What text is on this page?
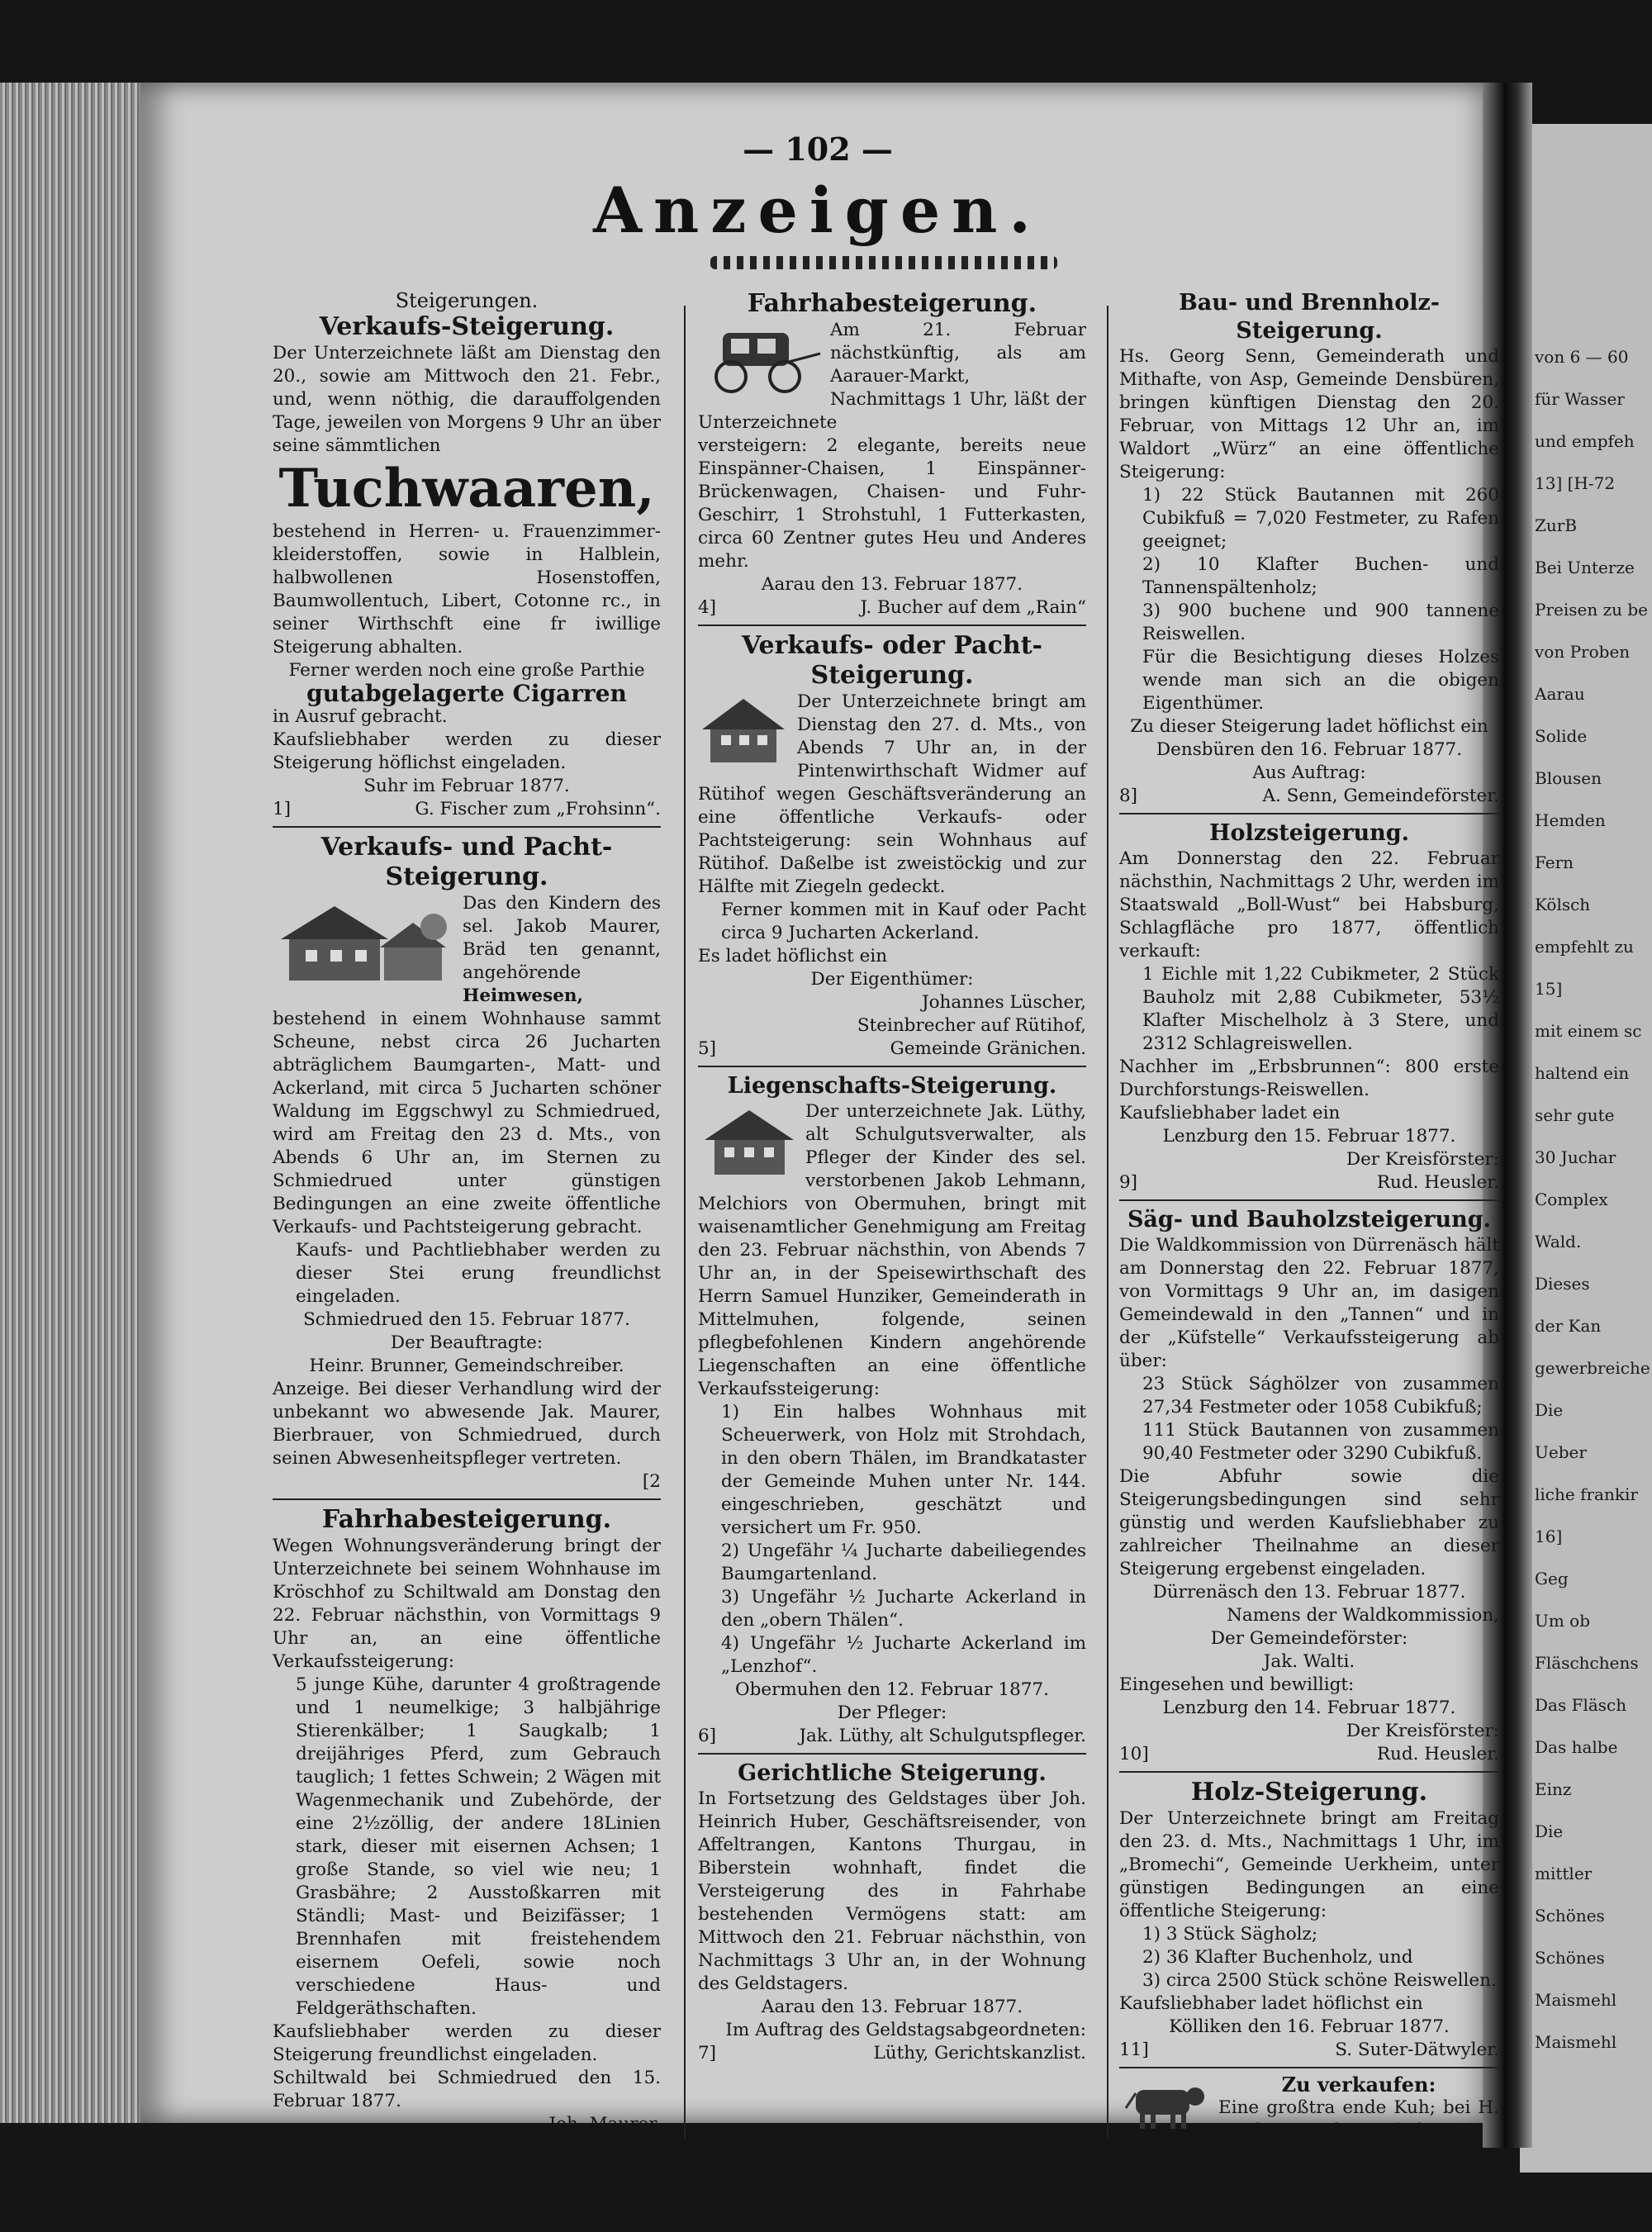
von 6 — 60
für Wasser
und empfeh
13] [H-72
ZurB
Bei Unterze
Preisen zu be
von Proben
Aarau
Solide
Blousen
Hemden
Fern
Kölsch
empfehlt zu
15]
mit einem sc
haltend ein
sehr gute
30 Juchar
Complex
Wald.
Dieses
der Kan
gewerbreiche
Die
Ueber
liche frankir
16]
Geg
Um ob
Fläschchens
Das Fläsch
Das halbe
Einz
Die
mittler
Schönes
Schönes
Maismehl
Maismehl
— 102 —
Anzeigen.
Steigerungen.
Verkaufs-Steigerung.

Der Unterzeichnete läßt am Dienstag den 20., sowie am Mittwoch den 21. Febr., und, wenn nöthig, die darauffolgenden Tage, jeweilen von Morgens 9 Uhr an über seine sämmtlichen

Tuchwaaren,

bestehend in Herren- u. Frauenzimmer-kleiderstoffen, sowie in Halblein, halbwollenen Hosenstoffen, Baumwollentuch, Libert, Cotonne rc., in seiner Wirthschft eine fr iwillige Steigerung abhalten.

Ferner werden noch eine große Parthie

gutabgelagerte Cigarren

in Ausruf gebracht.

Kaufsliebhaber werden zu dieser Steigerung höflichst eingeladen.

Suhr im Februar 1877.

1]	G. Fischer zum „Frohsinn“.
Verkaufs- und Pacht-Steigerung.

Das den Kindern des sel. Jakob Maurer, Bräd ten genannt, angehörende

Heimwesen,

bestehend in einem Wohnhause sammt Scheune, nebst circa 26 Jucharten abträglichem Baumgarten-, Matt- und Ackerland, mit circa 5 Jucharten schöner Waldung im Eggschwyl zu Schmiedrued, wird am Freitag den 23 d. Mts., von Abends 6 Uhr an, im Sternen zu Schmiedrued unter günstigen Bedingungen an eine zweite öffentliche Verkaufs- und Pachtsteigerung gebracht.

Kaufs- und Pachtliebhaber werden zu dieser Stei erung freundlichst eingeladen.

Schmiedrued den 15. Februar 1877.

Der Beauftragte:

Heinr. Brunner, Gemeindschreiber.

Anzeige. Bei dieser Verhandlung wird der unbekannt wo abwesende Jak. Maurer, Bierbrauer, von Schmiedrued, durch seinen Abwesenheitspfleger vertreten.

[2

Fahrhabesteigerung.

Wegen Wohnungsveränderung bringt der Unterzeichnete bei seinem Wohnhause im Kröschhof zu Schiltwald am Donstag den 22. Februar nächsthin, von Vormittags 9 Uhr an, an eine öffentliche Verkaufssteigerung:

5 junge Kühe, darunter 4 großtragende und 1 neumelkige; 3 halbjährige Stierenkälber; 1 Saugkalb; 1 dreijähriges Pferd, zum Gebrauch tauglich; 1 fettes Schwein; 2 Wägen mit Wagenmechanik und Zubehörde, der eine 2½zöllig, der andere 18Linien stark, dieser mit eisernen Achsen; 1 große Stande, so viel wie neu; 1 Grasbähre; 2 Ausstoßkarren mit Ständli; Mast- und Beizifässer; 1 Brennhafen mit freistehendem eisernem Oefeli, sowie noch verschiedene Haus- und Feldgeräthschaften.

Kaufsliebhaber werden zu dieser Steigerung freundlichst eingeladen.

Schiltwald bei Schmiedrued den 15. Februar 1877.

Joh. Maurer.

3]

Fahrhabesteigerung.

Am 21. Februar nächstkünftig, als am Aarauer-Markt, Nachmittags 1 Uhr, läßt der Unterzeichnete

versteigern: 2 elegante, bereits neue Einspänner-Chaisen, 1 Einspänner-Brückenwagen, Chaisen- und Fuhr-Geschirr, 1 Strohstuhl, 1 Futterkasten, circa 60 Zentner gutes Heu und Anderes mehr.

Aarau den 13. Februar 1877.

4]	J. Bucher auf dem „Rain“
Verkaufs- oder Pacht-Steigerung.

Der Unterzeichnete bringt am Dienstag den 27. d. Mts., von Abends 7 Uhr an, in der Pintenwirthschaft Widmer auf Rütihof wegen Geschäftsveränderung an eine öffentliche Verkaufs- oder Pachtsteigerung: sein Wohnhaus auf Rütihof. Daßelbe ist zweistöckig und zur Hälfte mit Ziegeln gedeckt.

Ferner kommen mit in Kauf oder Pacht circa 9 Jucharten Ackerland.

Es ladet höflichst ein

Der Eigenthümer:

Johannes Lüscher,

Steinbrecher auf Rütihof,

5]	Gemeinde Gränichen.
Liegenschafts-Steigerung.

Der unterzeichnete Jak. Lüthy, alt Schulgutsverwalter, als Pfleger der Kinder des sel. verstorbenen Jakob Lehmann, Melchiors von Obermuhen, bringt mit waisenamtlicher Genehmigung am Freitag den 23. Februar nächsthin, von Abends 7 Uhr an, in der Speisewirthschaft des Herrn Samuel Hunziker, Gemeinderath in Mittelmuhen, folgende, seinen pflegbefohlenen Kindern angehörende Liegenschaften an eine öffentliche Verkaufssteigerung:

1) Ein halbes Wohnhaus mit Scheuerwerk, von Holz mit Strohdach, in den obern Thälen, im Brandkataster der Gemeinde Muhen unter Nr. 144. eingeschrieben, geschätzt und versichert um Fr. 950.

2) Ungefähr ¼ Jucharte dabeiliegendes Baumgartenland.

3) Ungefähr ½ Jucharte Ackerland in den „obern Thälen“.

4) Ungefähr ½ Jucharte Ackerland im „Lenzhof“.

Obermuhen den 12. Februar 1877.

Der Pfleger:

6]	Jak. Lüthy, alt Schulgutspfleger.
Gerichtliche Steigerung.

In Fortsetzung des Geldstages über Joh. Heinrich Huber, Geschäftsreisender, von Affeltrangen, Kantons Thurgau, in Biberstein wohnhaft, findet die Versteigerung des in Fahrhabe bestehenden Vermögens statt: am Mittwoch den 21. Februar nächsthin, von Nachmittags 3 Uhr an, in der Wohnung des Geldstagers.

Aarau den 13. Februar 1877.

Im Auftrag des Geldstagsabgeordneten:

7]	Lüthy, Gerichtskanzlist.
Bau- und Brennholz-Steigerung.

Hs. Georg Senn, Gemeinderath und Mithafte, von Asp, Gemeinde Densbüren, bringen künftigen Dienstag den 20. Februar, von Mittags 12 Uhr an, im Waldort „Würz“ an eine öffentliche Steigerung:

1) 22 Stück Bautannen mit 260 Cubikfuß = 7,020 Festmeter, zu Rafen geeignet;

2) 10 Klafter Buchen- und Tannenspältenholz;

3) 900 buchene und 900 tannene Reiswellen.

Für die Besichtigung dieses Holzes wende man sich an die obigen Eigenthümer.

Zu dieser Steigerung ladet höflichst ein

Densbüren den 16. Februar 1877.

Aus Auftrag:

8]	A. Senn, Gemeindeförster.
Holzsteigerung.

Am Donnerstag den 22. Februar nächsthin, Nachmittags 2 Uhr, werden im Staatswald „Boll-Wust“ bei Habsburg, Schlagfläche pro 1877, öffentlich verkauft:

1 Eichle mit 1,22 Cubikmeter, 2 Stück Bauholz mit 2,88 Cubikmeter, 53½ Klafter Mischelholz à 3 Stere, und 2312 Schlagreiswellen.

Nachher im „Erbsbrunnen“: 800 erste Durchforstungs-Reiswellen.

Kaufsliebhaber ladet ein

Lenzburg den 15. Februar 1877.

Der Kreisförster:

9]	Rud. Heusler.
Säg- und Bauholzsteigerung.

Die Waldkommission von Dürrenäsch hält am Donnerstag den 22. Februar 1877, von Vormittags 9 Uhr an, im dasigen Gemeindewald in den „Tannen“ und in der „Küfstelle“ Verkaufssteigerung ab über:

23 Stück Sághölzer von zusammen 27,34 Festmeter oder 1058 Cubikfuß;

111 Stück Bautannen von zusammen 90,40 Festmeter oder 3290 Cubikfuß.

Die Abfuhr sowie die Steigerungsbedingungen sind sehr günstig und werden Kaufsliebhaber zu zahlreicher Theilnahme an dieser Steigerung ergebenst eingeladen.

Dürrenäsch den 13. Februar 1877.

Namens der Waldkommission,

Der Gemeindeförster:

Jak. Walti.

Eingesehen und bewilligt:

Lenzburg den 14. Februar 1877.

Der Kreisförster:

10]	Rud. Heusler.
Holz-Steigerung.

Der Unterzeichnete bringt am Freitag den 23. d. Mts., Nachmittags 1 Uhr, im „Bromechi“, Gemeinde Uerkheim, unter günstigen Bedingungen an eine öffentliche Steigerung:

1) 3 Stück Sägholz;

2) 36 Klafter Buchenholz, und

3) circa 2500 Stück schöne Reiswellen.

Kaufsliebhaber ladet höflichst ein

Kölliken den 16. Februar 1877.

11]	S. Suter-Dätwyler.
Zu verkaufen:

Eine großtra ende Kuh; bei H. Fischer, Wirth in Mörikon.

12]
